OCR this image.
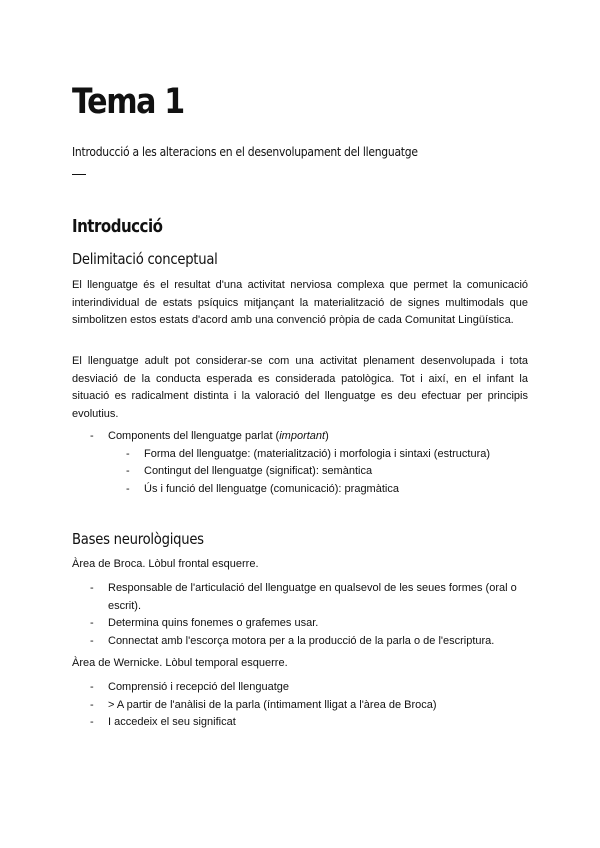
Tema 1

Introducció a les alteracions en el desenvolupament del llenguatge

Introducció
Delimitació conceptual

El llenguatge és el resultat d'una activitat nerviosa complexa que permet la comunicació interindividual de estats psíquics mitjançant la materialització de signes multimodals que simbolitzen estos estats d'acord amb una convenció pròpia de cada Comunitat Lingüística.

El llenguatge adult pot considerar-se com una activitat plenament desenvolupada i tota desviació de la conducta esperada es considerada patològica. Tot i així, en el infant la situació es radicalment distinta i la valoració del llenguatge es deu efectuar per principis evolutius.

- Components del llenguatge parlat (important)
- Forma del llenguatge: (materialització) i morfologia i sintaxi (estructura)
- Contingut del llenguatge (significat): semàntica
- Ús i funció del llenguatge (comunicació): pragmàtica
Bases neurològiques

Àrea de Broca. Lòbul frontal esquerre.

- Responsable de l'articulació del llenguatge en qualsevol de les seues formes (oral o escrit).
- Determina quins fonemes o grafemes usar.
- Connectat amb l'escorça motora per a la producció de la parla o de l'escriptura.

Àrea de Wernicke. Lòbul temporal esquerre.

- Comprensió i recepció del llenguatge
- > A partir de l'anàlisi de la parla (íntimament lligat a l'àrea de Broca)
- I accedeix el seu significat
